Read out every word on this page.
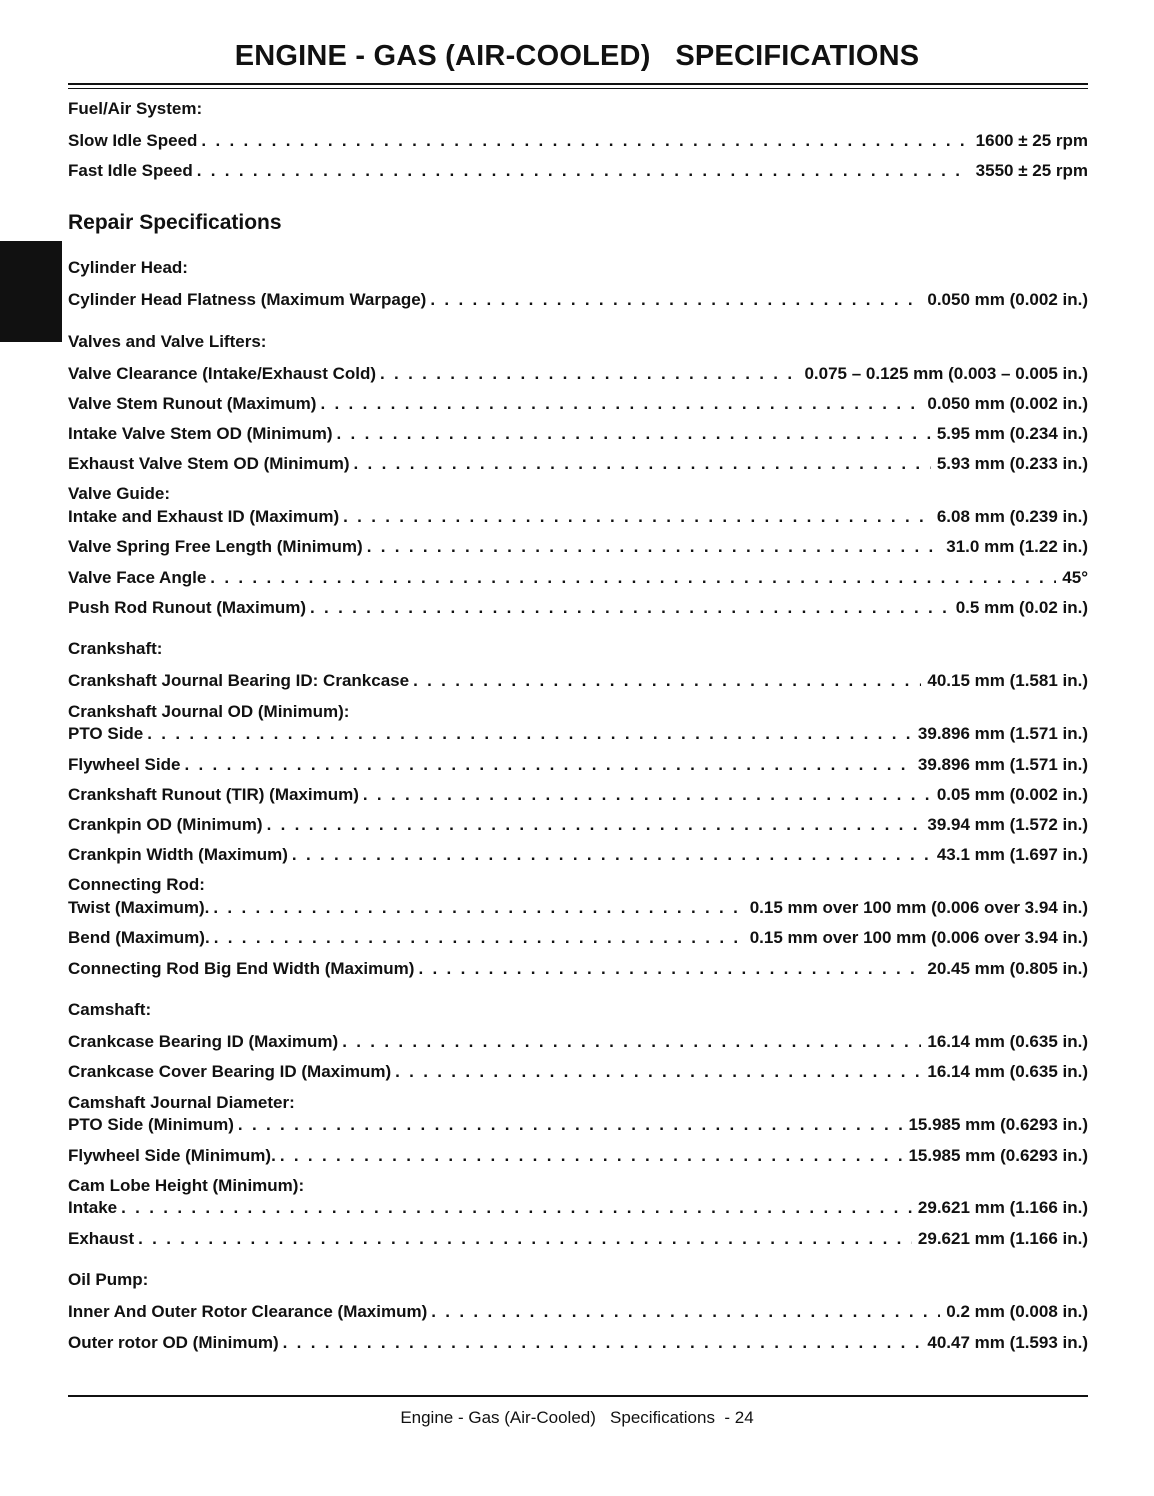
ENGINE - GAS (AIR-COOLED)   SPECIFICATIONS
Fuel/Air System:
Slow Idle Speed . . .	1600 ± 25 rpm
Fast Idle Speed . . .	3550 ± 25 rpm
Repair Specifications
Cylinder Head:
Cylinder Head Flatness (Maximum Warpage) . . .	0.050 mm (0.002 in.)
Valves and Valve Lifters:
Valve Clearance (Intake/Exhaust Cold) . . .	0.075 – 0.125 mm (0.003 – 0.005 in.)
Valve Stem Runout (Maximum) . . .	0.050 mm (0.002 in.)
Intake Valve Stem OD (Minimum) . . .	5.95 mm (0.234 in.)
Exhaust Valve Stem OD (Minimum) . . .	5.93 mm (0.233 in.)
Valve Guide:
Intake and Exhaust ID (Maximum) . . .	6.08 mm (0.239 in.)
Valve Spring Free Length (Minimum) . . .	31.0 mm (1.22 in.)
Valve Face Angle . . .	45°
Push Rod Runout (Maximum) . . .	0.5 mm (0.02 in.)
Crankshaft:
Crankshaft Journal Bearing ID: Crankcase . . .	40.15 mm (1.581 in.)
Crankshaft Journal OD (Minimum):
PTO Side . . .	39.896 mm (1.571 in.)
Flywheel Side . . .	39.896 mm (1.571 in.)
Crankshaft Runout (TIR) (Maximum) . . .	0.05 mm (0.002 in.)
Crankpin OD (Minimum) . . .	39.94 mm (1.572 in.)
Crankpin Width (Maximum) . . .	43.1 mm (1.697 in.)
Connecting Rod:
Twist (Maximum). . . .	0.15 mm over 100 mm (0.006 over 3.94 in.)
Bend (Maximum). . . .	0.15 mm over 100 mm (0.006 over 3.94 in.)
Connecting Rod Big End Width (Maximum) . . .	20.45 mm (0.805 in.)
Camshaft:
Crankcase Bearing ID (Maximum) . . .	16.14 mm (0.635 in.)
Crankcase Cover Bearing ID (Maximum) . . .	16.14 mm (0.635 in.)
Camshaft Journal Diameter:
PTO Side (Minimum) . . .	15.985 mm (0.6293 in.)
Flywheel Side (Minimum). . . .	15.985 mm (0.6293 in.)
Cam Lobe Height (Minimum):
Intake . . .	29.621 mm (1.166 in.)
Exhaust . . .	29.621 mm (1.166 in.)
Oil Pump:
Inner And Outer Rotor Clearance (Maximum) . . .	0.2 mm (0.008 in.)
Outer rotor OD (Minimum) . . .	40.47 mm (1.593 in.)
Engine - Gas (Air-Cooled)   Specifications  - 24
